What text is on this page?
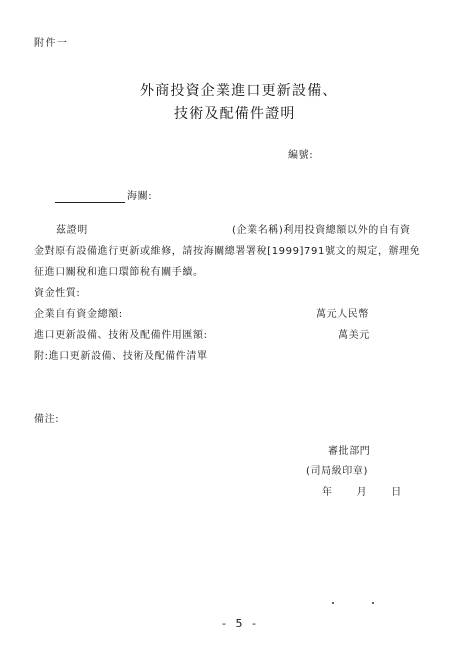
附件一
外商投資企業進口更新設備、
技術及配備件證明
編號:
海關:
茲證明	(企業名稱)利用投資總額以外的自有資
金對原有設備進行更新或維修，請按海關總署署稅[1999]791號文的規定，辦理免
征進口關稅和進口環節稅有關手續。
資金性質:
企業自有資金總額:	萬元人民幣
進口更新設備、技術及配備件用匯額:	萬美元
附:進口更新設備、技術及配備件清單
備注:
審批部門
(司局級印章)
年 月 日
- 5 -
